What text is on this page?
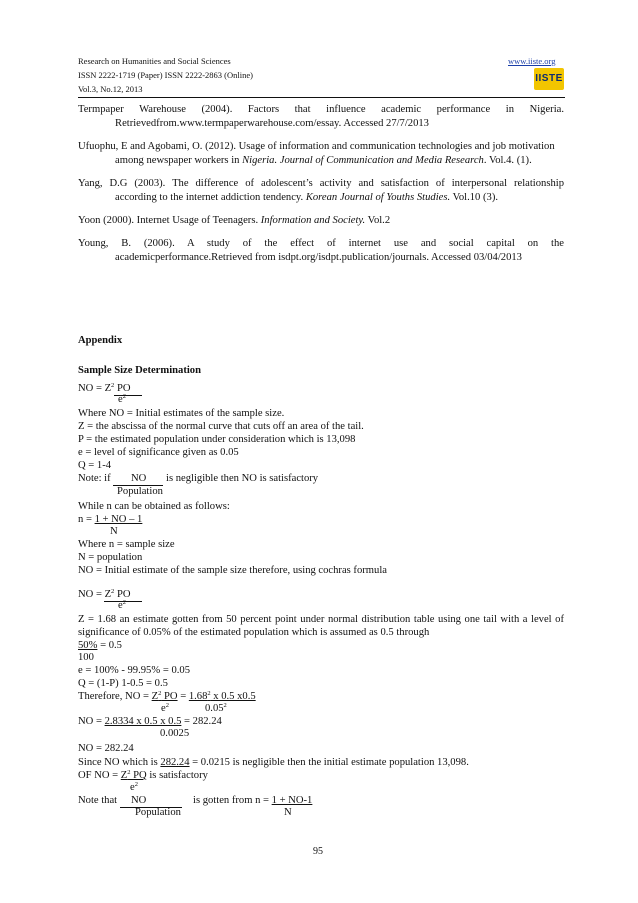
Research on Humanities and Social Sciences
ISSN 2222-1719 (Paper) ISSN 2222-2863 (Online)
Vol.3, No.12, 2013
www.iiste.org
IISTE
Termpaper Warehouse (2004). Factors that influence academic performance in Nigeria.
Retrievedfrom.www.termpaperwarehouse.com/essay. Accessed 27/7/2013
Ufuophu, E and Agobami, O. (2012). Usage of information and communication technologies and job motivation
among newspaper workers in Nigeria. Journal of Communication and Media Research. Vol.4. (1).
Yang, D.G (2003). The difference of adolescent’s activity and satisfaction of interpersonal relationship
according to the internet addiction tendency. Korean Journal of Youths Studies. Vol.10 (3).
Yoon (2000). Internet Usage of Teenagers. Information and Society. Vol.2
Young, B. (2006). A study of the effect of internet use and social capital on the
academicperformance.Retrieved from isdpt.org/isdpt.publication/journals. Accessed 03/04/2013
Appendix
Sample Size Determination
NO = $Z^2$ PO
$e^2$
Where NO = Initial estimates of the sample size.
Z = the abscissa of the normal curve that cuts off an area of the tail.
P = the estimated population under consideration which is 13,098
e = level of significance given as 0.05
Q = 1-4
Note: if NO is negligible then NO is satisfactory
Population
While n can be obtained as follows:
n = 1 + NO – 1
N
Where n = sample size
N = population
NO = Initial estimate of the sample size therefore, using cochras formula
NO = $Z^2$ PO
$e^2$
Z = 1.68 an estimate gotten from 50 percent point under normal distribution table using one tail with a level of
significance of 0.05% of the estimated population which is assumed as 0.5 through
50% = 0.5
100
e = 100% - 99.95% = 0.05
Q = (1-P) 1-0.5 = 0.5
Therefore, NO = $Z^2$ PO = $1.68^2$ x 0.5 x0.5
$e^2$	0.05$^2$
NO = 2.8334 x 0.5 x 0.5 = 282.24
0.0025
NO = 282.24
Since NO which is 282.24 = 0.0215 is negligible then the initial estimate population 13,098.
OF NO = $Z^2$ PQ is satisfactory
$e^2$
Note that NO	is gotten from n = 1 + NO-1
Population	N
95
